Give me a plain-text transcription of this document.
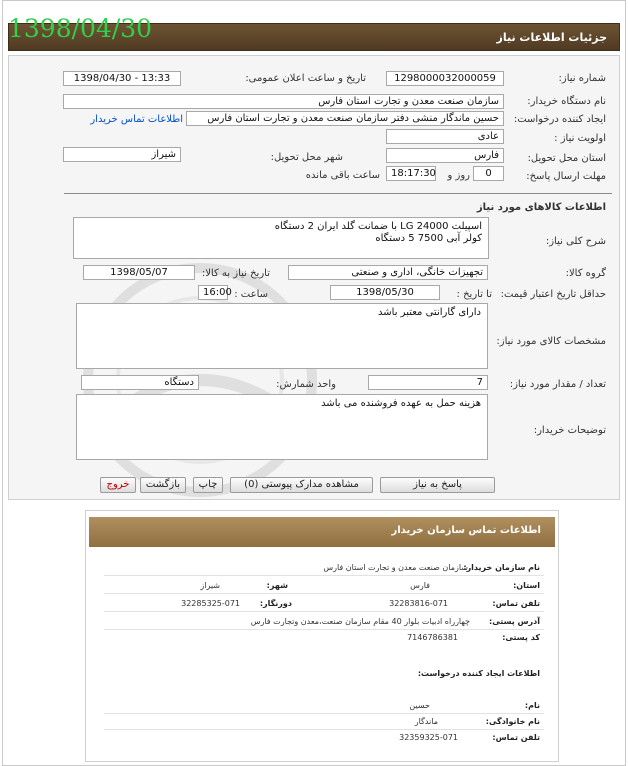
جزئیات اطلاعات نیاز
1398/04/30
شماره نیاز:
1298000032000059
تاریخ و ساعت اعلان عمومی:
1398/04/30 - 13:33
نام دستگاه خریدار:
سازمان صنعت معدن و تجارت استان فارس
ایجاد کننده درخواست:
حسین ماندگار منشی دفتر سازمان صنعت معدن و تجارت استان فارس
اطلاعات تماس خریدار
اولویت نیاز :
عادی
استان محل تحویل:
فارس
شهر محل تحویل:
شیراز
مهلت ارسال پاسخ:
0
روز و
18:17:30
ساعت باقی مانده
اطلاعات کالاهای مورد نیاز
شرح کلی نیاز:
اسپیلت 24000 LG با ضمانت گلد ایران 2 دستگاه
کولر آبی 7500 5 دستگاه
گروه کالا:
تجهیزات خانگی، اداری و صنعتی
تاریخ نیاز به کالا:
1398/05/07
حداقل تاریخ اعتبار قیمت:
تا تاریخ :
1398/05/30
ساعت :
16:00
مشخصات کالای مورد نیاز:
دارای گارانتی معتبر باشد
تعداد / مقدار مورد نیاز:
7
واحد شمارش:
دستگاه
توضیحات خریدار:
هزینه حمل به عهده فروشنده می باشد
پاسخ به نیاز
مشاهده مدارک پیوستی (0)
چاپ
بازگشت
خروج
اطلاعات تماس سازمان خریدار
نام سازمان خریدار:
سازمان صنعت معدن و تجارت استان فارس
استان:
فارس
شهر:
شیراز
تلفن تماس:
32283816-071
دورنگار:
32285325-071
آدرس پستی:
چهارراه ادبیات بلوار 40 مقام سازمان صنعت،معدن وتجارت فارس
کد پستی:
7146786381
اطلاعات ایجاد کننده درخواست:
نام:
حسین
نام خانوادگی:
ماندگار
تلفن تماس:
32359325-071
